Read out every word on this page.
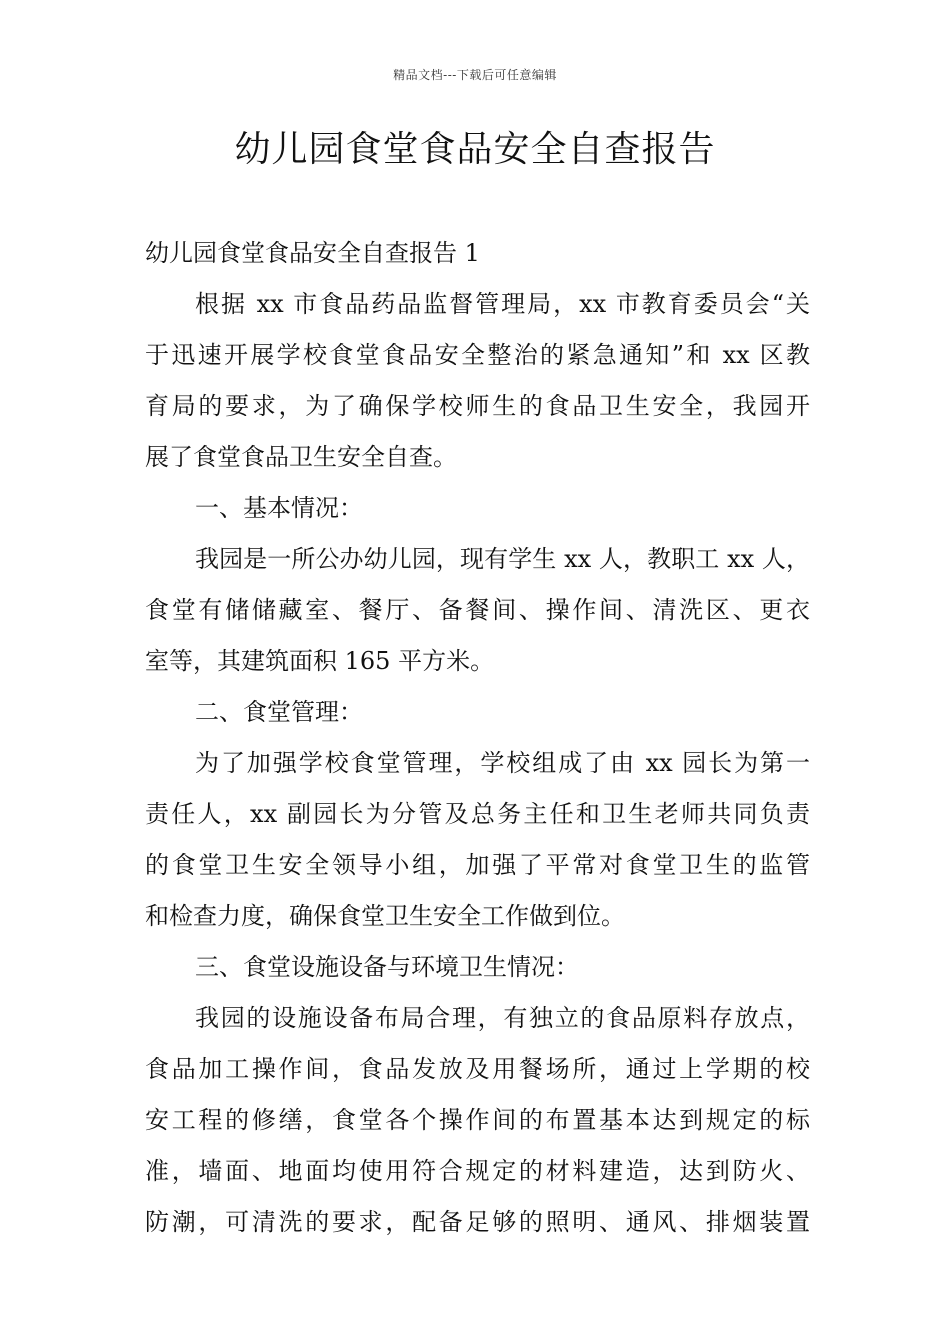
精品文档---下载后可任意编辑
幼儿园食堂食品安全自查报告
幼儿园食堂食品安全自查报告 1
根据 xx 市食品药品监督管理局，xx 市教育委员会“关
于迅速开展学校食堂食品安全整治的紧急通知”和 xx 区教
育局的要求，为了确保学校师生的食品卫生安全，我园开
展了食堂食品卫生安全自查。
一、基本情况：
我园是一所公办幼儿园，现有学生 xx 人，教职工 xx 人，
食堂有储储藏室、餐厅、备餐间、操作间、清洗区、更衣
室等，其建筑面积 165 平方米。
二、食堂管理：
为了加强学校食堂管理，学校组成了由 xx 园长为第一
责任人，xx 副园长为分管及总务主任和卫生老师共同负责
的食堂卫生安全领导小组，加强了平常对食堂卫生的监管
和检查力度，确保食堂卫生安全工作做到位。
三、食堂设施设备与环境卫生情况：
我园的设施设备布局合理，有独立的食品原料存放点，
食品加工操作间，食品发放及用餐场所，通过上学期的校
安工程的修缮，食堂各个操作间的布置基本达到规定的标
准，墙面、地面均使用符合规定的材料建造，达到防火、
防潮，可清洗的要求，配备足够的照明、通风、排烟装置
